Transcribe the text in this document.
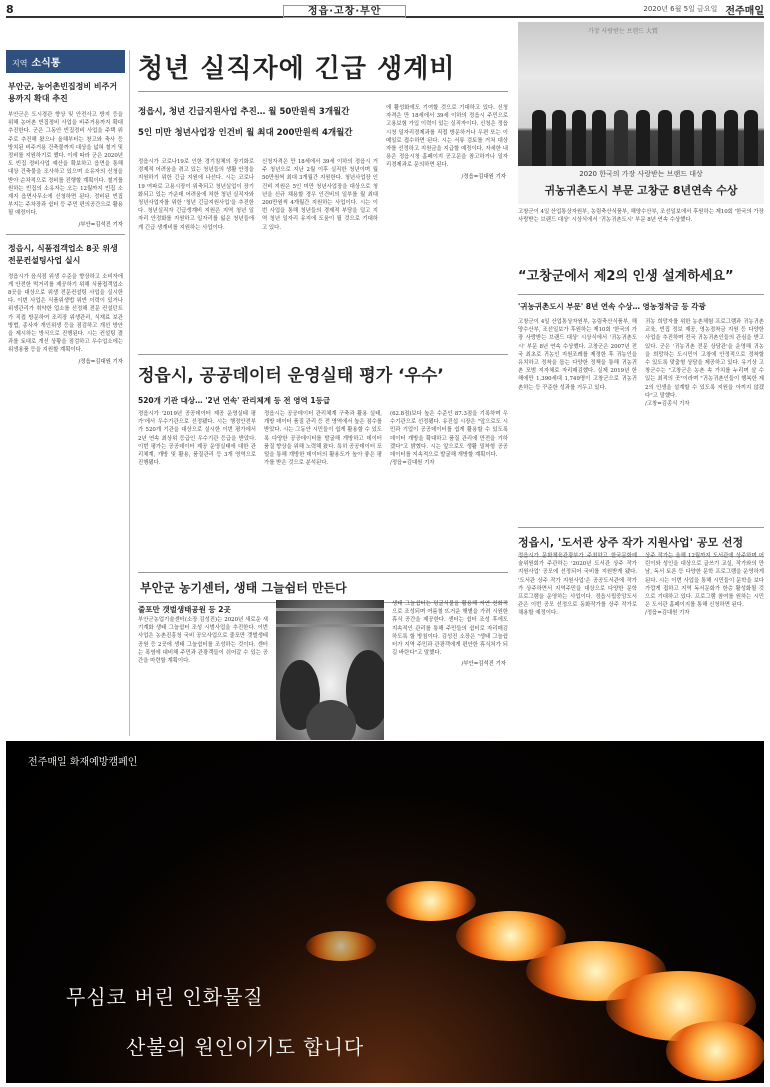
8	정읍·고창·부안	2020년 6월 5일 금요일 전주매일
지역 소식통
부안군, 농어촌빈집정비 비주거용까지 확대 추진
부안군은 도시경관 향상 및 안전사고 방지 등을 위해 농어촌 빈집정비 사업을 비주거용까지 확대 추진한다. 군은 그동안 빈집정비 사업을 주택 위주로 추진해 왔으나 올해부터는 창고와 축사 등 방치된 비주거용 건축물까지 대상을 넓혀 철거 및 정비를 지원하기로 했다. 이에 따라 군은 2020년도 빈집 정비사업 예산을 확보하고 읍면을 통해 대상 건축물을 조사하고 있으며 소유자의 신청을 받아 순차적으로 정비를 진행할 계획이다. 철거를 원하는 빈집의 소유자는 오는 12월까지 빈집 소재지 읍면사무소에 신청하면 된다. 정비된 빈집 부지는 주차장과 쉼터 등 주민 편의공간으로 활용될 예정이다.
/부안=김석진 기자
정읍시, 식품접객업소 8곳 위생 전문컨설팅사업 실시
정읍시가 음식점 위생 수준을 향상하고 소비자에게 안전한 먹거리를 제공하기 위해 식품접객업소 8곳을 대상으로 위생 전문컨설팅 사업을 실시한다. 이번 사업은 식품위생법 위반 이력이 있거나 위생관리가 취약한 업소를 선정해 전문 컨설턴트가 직접 방문하여 조리장 위생관리, 식재료 보관 방법, 종사자 개인위생 등을 점검하고 개선 방안을 제시하는 방식으로 진행된다. 시는 컨설팅 결과를 토대로 개선 상황을 점검하고 우수업소에는 위생용품 등을 지원할 계획이다.
/정읍=김대원 기자
청년 실직자에 긴급 생계비
정읍시, 청년 긴급지원사업 추진… 월 50만원씩 3개월간
5인 미만 청년사업장 인건비 월 최대 200만원씩 4개월간

정읍시가 코로나19로 인한 경기침체의 장기화로 경제적 어려움을 겪고 있는 청년들의 생활 안정을 지원하기 위한 긴급 지원에 나선다. 시는 코로나19 여파로 고용시장이 위축되고 청년실업이 장기화되고 있는 가운데 어려움에 처한 청년 실직자와 청년사업자를 위한 '청년 긴급지원사업'을 추진한다. 청년실직자 긴급생계비 지원은 지역 청년 일자리 안정화를 지원하고 일자리를 잃은 청년들에게 긴급 생계비를 지원하는 사업이다.

신청자격은 만 18세에서 39세 이하의 정읍시 거주 청년으로 지난 2월 이후 실직한 청년이며 월 50만원씩 최대 3개월간 지원한다. 청년사업장 인건비 지원은 5인 미만 청년사업장을 대상으로 청년을 신규 채용할 경우 인건비의 일부를 월 최대 200만원씩 4개월간 지원하는 사업이다. 시는 이번 사업을 통해 청년들의 경제적 부담을 덜고 지역 청년 일자리 유지에 도움이 될 것으로 기대하고 있다.

에 활성화에도 기여할 것으로 기대하고 있다. 신청 자격은 만 18세에서 39세 이하의 정읍시 주민으로 고용보험 가입 이력이 있는 실직자이다. 신청은 정읍시청 일자리경제과를 직접 방문하거나 우편 또는 이메일로 접수하면 된다. 시는 서류 검토를 거쳐 대상자를 선정하고 지원금을 지급할 예정이다. 자세한 내용은 정읍시청 홈페이지 공고문을 참고하거나 일자리경제과로 문의하면 된다.

/정읍=김대원 기자
가장 사랑받는 브랜드 大賞
2020 한국의 가장 사랑받는 브랜드 대상
귀농귀촌도시 부문 고창군 8년연속 수상
고창군이 4일 산업통상자원부, 농림축산식품부, 해양수산부, 조선일보에서 후원하는 제10회 '한국의 가장 사랑받는 브랜드 대상' 시상식에서 '귀농귀촌도시' 부문 8년 연속 수상했다.
“고창군에서 제2의 인생 설계하세요”
'귀농귀촌도시 부문' 8년 연속 수상… 영농정착금 등 각광

고창군이 4일 산업통상자원부, 농림축산식품부, 해양수산부, 조선일보가 후원하는 제10회 '한국의 가장 사랑받는 브랜드 대상' 시상식에서 '귀농귀촌도시' 부문 8년 연속 수상했다. 고창군은 2007년 전국 최초로 귀농인 지원조례를 제정한 후 귀농인을 유치하고 정착을 돕는 다양한 정책을 통해 귀농귀촌 모범 지자체로 자리매김했다. 실제 2019년 한 해에만 1,390세대 1,749명이 고창군으로 귀농귀촌하는 등 꾸준한 성과를 거두고 있다.

귀농 희망자를 위한 농촌체험 프로그램과 귀농귀촌 교육, 빈집 정보 제공, 영농정착금 지원 등 다양한 사업을 추진하며 전국 귀농귀촌인들의 관심을 받고 있다. 군은 '귀농귀촌 전문 상담관'을 운영해 귀농을 희망하는 도시민이 고창에 안정적으로 정착할 수 있도록 맞춤형 상담을 제공하고 있다. 유기상 고창군수는 "고창군은 농촌 속 가치를 누리며 살 수 있는 최적의 곳"이라며 "귀농귀촌인들이 행복한 제2의 인생을 설계할 수 있도록 지원을 아끼지 않겠다"고 말했다.
/고창=김종식 기자

정읍시, 공공데이터 운영실태 평가 ‘우수’
520개 기관 대상… '2년 연속' 관리체계 등 전 영역 1등급

정읍시가 '2019년 공공데이터 제공 운영실태 평가'에서 우수기관으로 선정됐다. 시는 행정안전부가 520개 기관을 대상으로 실시한 이번 평가에서 2년 연속 최상위 등급인 우수기관 등급을 받았다. 이번 평가는 공공데이터 제공 운영실태에 대한 관리체계, 개방 및 활용, 품질관리 등 3개 영역으로 진행됐다.

정읍시는 공공데이터 관리체계 구축과 활용 실태, 개방 데이터 품질 관리 등 전 영역에서 높은 점수를 받았다. 시는 그동안 시민들이 쉽게 활용할 수 있도록 다양한 공공데이터를 발굴해 개방하고 데이터 품질 향상을 위해 노력해 왔다. 특히 공공데이터 포털을 통해 개방한 데이터의 활용도가 높아 좋은 평가를 받은 것으로 분석된다.

(62.8점)보다 높은 수준인 87.3점을 기록하며 우수기관으로 선정됐다. 유진섭 시장은 "앞으로도 시민과 기업이 공공데이터를 쉽게 활용할 수 있도록 데이터 개방을 확대하고 품질 관리에 만전을 기하겠다"고 밝혔다. 시는 앞으로도 생활 밀착형 공공데이터를 지속적으로 발굴해 개방할 계획이다.
/정읍=김대원 기자

정읍시, '도서관 상주 작가 지원사업' 공모 선정

정읍시가 문화체육관광부가 주최하고 한국문화예술위원회가 주관하는 '2020년 도서관 상주 작가 지원사업' 공모에 선정되어 국비를 지원받게 됐다. '도서관 상주 작가 지원사업'은 공공도서관에 작가가 상주하면서 지역주민을 대상으로 다양한 문학 프로그램을 운영하는 사업이다. 정읍시립중앙도서관은 이번 공모 선정으로 동화작가를 상주 작가로 채용할 예정이다.

상주 작가는 올해 12월까지 도서관에 상주하며 어린이와 성인을 대상으로 글쓰기 교실, 작가와의 만남, 독서 토론 등 다양한 문학 프로그램을 운영하게 된다. 시는 이번 사업을 통해 시민들이 문학을 보다 가깝게 접하고 지역 독서문화가 한층 활성화될 것으로 기대하고 있다. 프로그램 참여를 원하는 시민은 도서관 홈페이지를 통해 신청하면 된다.
/정읍=김대원 기자

부안군 농기센터, 생태 그늘쉼터 만든다
줄포만 갯벌생태공원 등 2곳

부안군농업기술센터(소장 김성진)는 2020년 새로운 새기계화 생태 그늘쉼터 조성 시범사업을 추진한다. 이번 사업은 농촌진흥청 국비 공모사업으로 줄포만 갯벌생태공원 등 2곳에 생태 그늘쉼터를 조성하는 것이다. 센터는 폭염에 대비해 주민과 관광객들이 쉬어갈 수 있는 공간을 마련할 계획이다.

생태 그늘쉼터는 덩굴식물을 활용해 자연 친화적으로 조성되며 여름철 뜨거운 햇볕을 가려 시원한 휴식 공간을 제공한다. 센터는 쉼터 조성 후에도 지속적인 관리를 통해 주민들의 쉼터로 자리매김하도록 할 방침이다. 김성진 소장은 "생태 그늘쉼터가 지역 주민과 관광객에게 편안한 휴식처가 되길 바란다"고 말했다.

/부안=김석진 기자
전주매일 화재예방캠페인
무심코 버린 인화물질
산불의 원인이기도 합니다
